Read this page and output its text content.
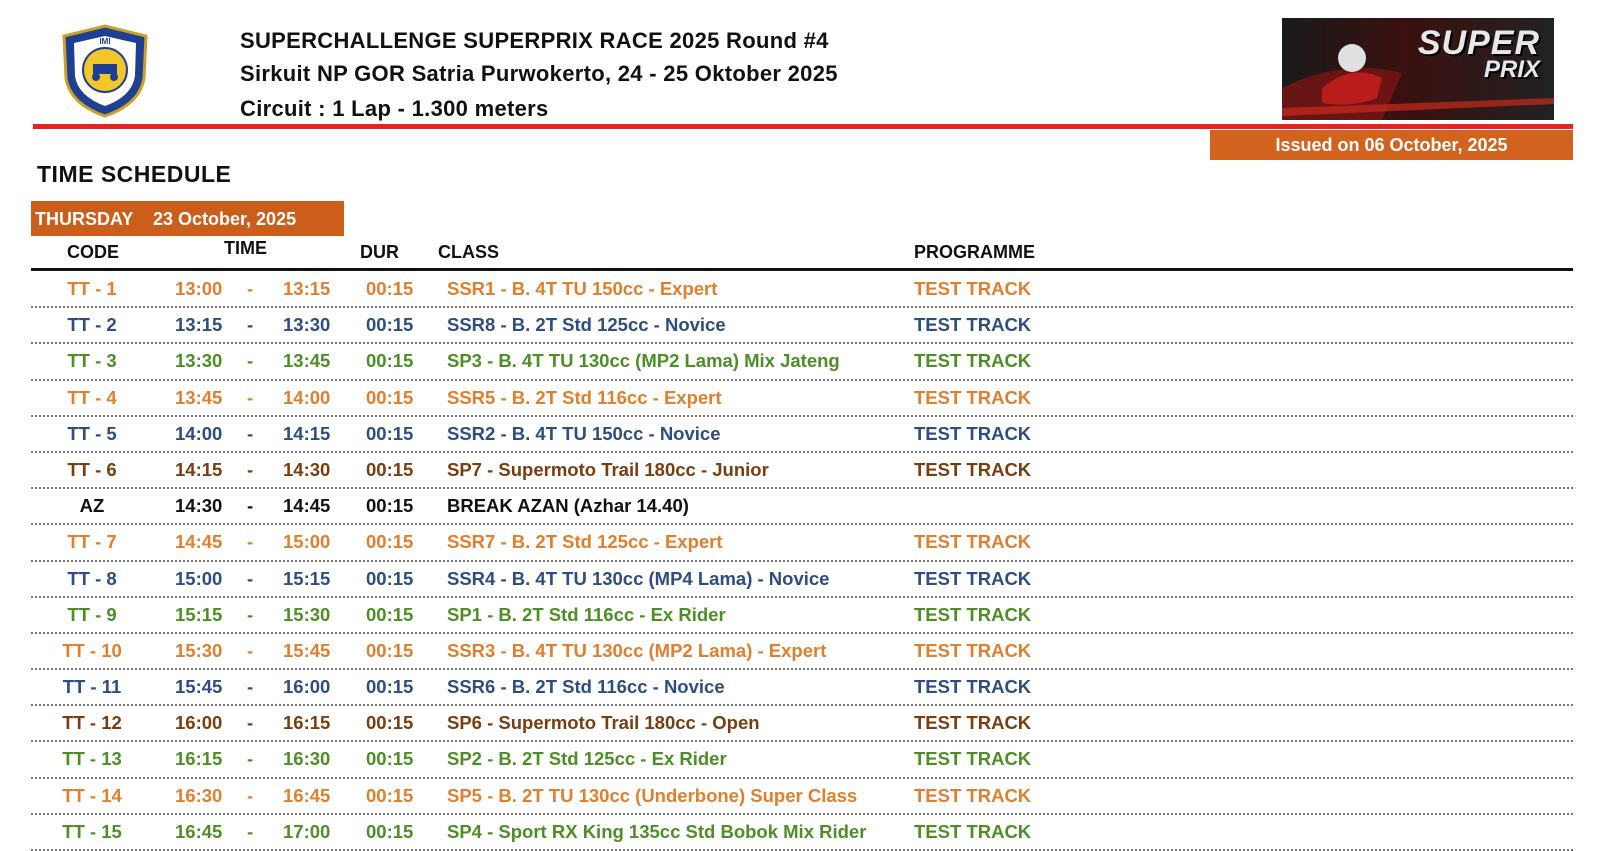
IMI	SUPERCHALLENGE SUPERPRIX RACE 2025 Round #4
Sirkuit NP GOR Satria Purwokerto, 24 - 25 Oktober 2025
Circuit : 1 Lap - 1.300 meters
SUPER
PRIX
Issued on 06 October, 2025
TIME SCHEDULE
THURSDAY 23 October, 2025
CODE	TIME	DUR CLASS	PROGRAMME
TT - 1	13:00 - 13:15 00:15 SSR1 - B. 4T TU 150cc - Expert	TEST TRACK
TT - 2	13:15 - 13:30 00:15 SSR8 - B. 2T Std 125cc - Novice	TEST TRACK
TT - 3	13:30 - 13:45 00:15 SP3 - B. 4T TU 130cc (MP2 Lama) Mix Jateng	TEST TRACK
TT - 4	13:45 - 14:00 00:15 SSR5 - B. 2T Std 116cc - Expert	TEST TRACK
TT - 5	14:00 - 14:15 00:15 SSR2 - B. 4T TU 150cc - Novice	TEST TRACK
TT - 6	14:15 - 14:30 00:15 SP7 - Supermoto Trail 180cc - Junior	TEST TRACK
AZ	14:30 - 14:45 00:15 BREAK AZAN (Azhar 14.40)
TT - 7	14:45 - 15:00 00:15 SSR7 - B. 2T Std 125cc - Expert	TEST TRACK
TT - 8	15:00 - 15:15 00:15 SSR4 - B. 4T TU 130cc (MP4 Lama) - Novice	TEST TRACK
TT - 9	15:15 - 15:30 00:15 SP1 - B. 2T Std 116cc - Ex Rider	TEST TRACK
TT - 10	15:30 - 15:45 00:15 SSR3 - B. 4T TU 130cc (MP2 Lama) - Expert	TEST TRACK
TT - 11	15:45 - 16:00 00:15 SSR6 - B. 2T Std 116cc - Novice	TEST TRACK
TT - 12	16:00 - 16:15 00:15 SP6 - Supermoto Trail 180cc - Open	TEST TRACK
TT - 13	16:15 - 16:30 00:15 SP2 - B. 2T Std 125cc - Ex Rider	TEST TRACK
TT - 14	16:30 - 16:45 00:15 SP5 - B. 2T TU 130cc (Underbone) Super Class	TEST TRACK
TT - 15	16:45 - 17:00 00:15 SP4 - Sport RX King 135cc Std Bobok Mix Rider	TEST TRACK
